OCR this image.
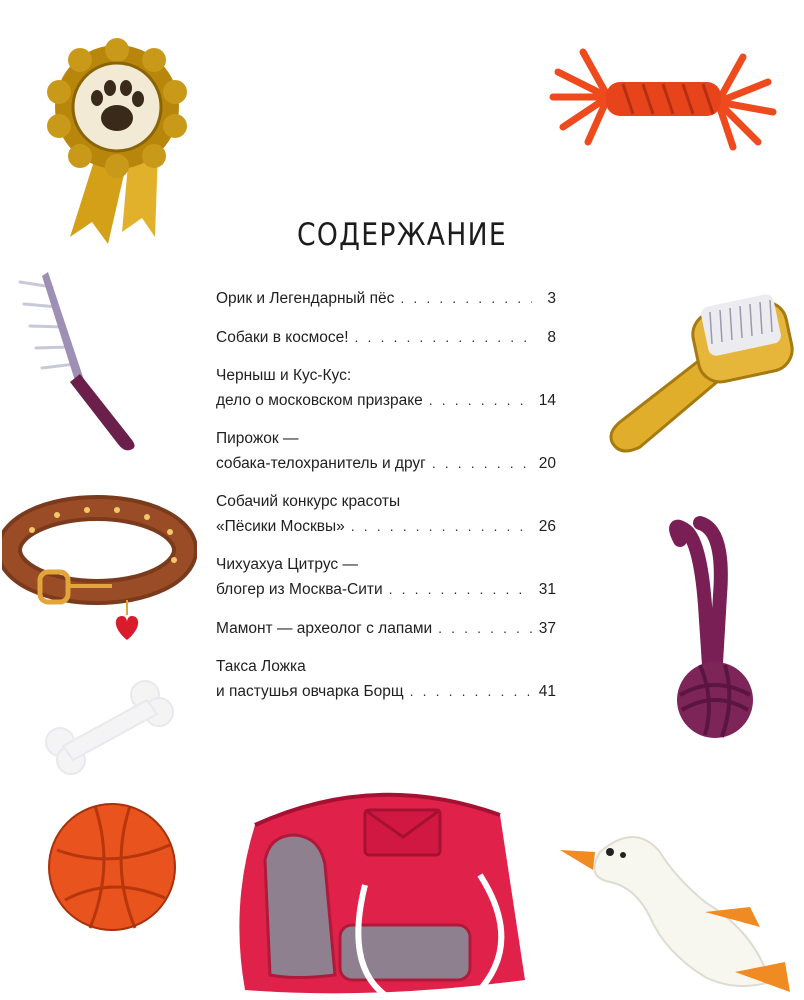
СОДЕРЖАНИЕ
Орик и Легендарный пёс . . .	3
Собаки в космосе! . . .	8
Черныш и Кус-Кус:
дело о московском призраке . . .	14
Пирожок —
собака-телохранитель и друг . . .	20
Собачий конкурс красоты
«Пёсики Москвы» . . .	26
Чихуахуа Цитрус —
блогер из Москва-Сити . . .	31
Мамонт — археолог с лапами . . .	37
Такса Ложка
и пастушья овчарка Борщ . . .	41
